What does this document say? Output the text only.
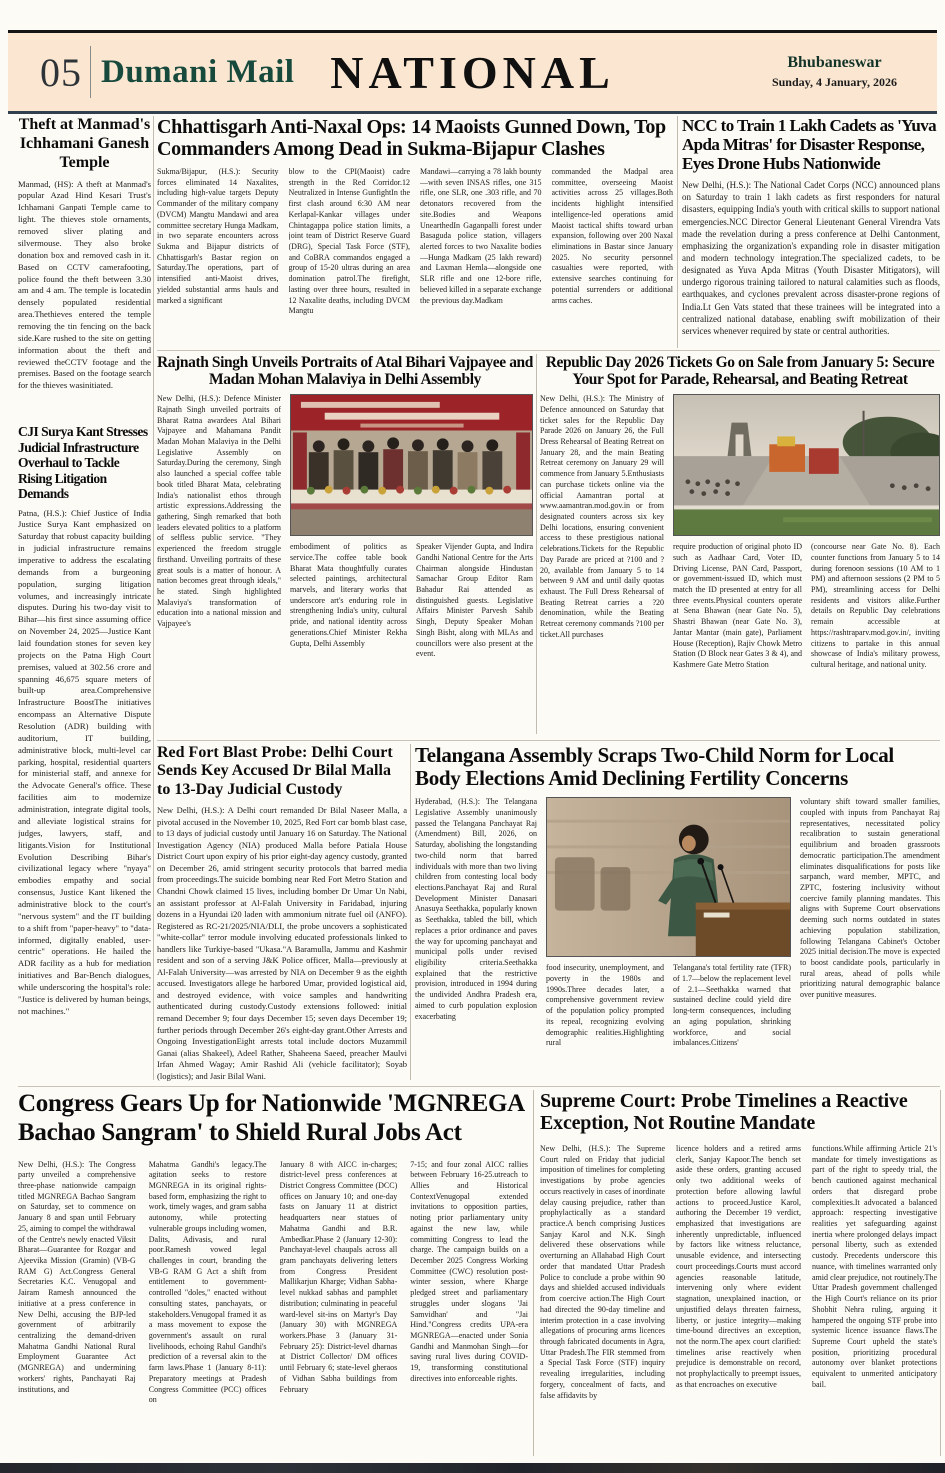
05 Dumani Mail NATIONAL	Bhubaneswar
Sunday, 4 January, 2026
Theft at Manmad's Ichhamani Ganesh Temple
Manmad, (HS): A theft at Manmad's popular Azad Hind Kesari Trust's Ichhamani Ganpati Temple came to light. The thieves stole ornaments, removed sliver plating and silvermouse. They also broke donation box and removed cash in it. Based on CCTV camerafooting, police found the theft between 3.30 am and 4 am. The temple is locatedin densely populated residential area.Thethieves entered the temple removing the tin fencing on the back side.Kare rushed to the site on getting information about the theft and reviewed theCCTV footage and the premises. Based on the footage search for the thieves wasinitiated.
CJI Surya Kant Stresses Judicial Infrastructure Overhaul to Tackle Rising Litigation Demands
Patna, (H.S.): Chief Justice of India Justice Surya Kant emphasized on Saturday that robust capacity building in judicial infrastructure remains imperative to address the escalating demands from a burgeoning population, surging litigation volumes, and increasingly intricate disputes. During his two-day visit to Bihar—his first since assuming office on November 24, 2025—Justice Kant laid foundation stones for seven key projects on the Patna High Court premises, valued at 302.56 crore and spanning 46,675 square meters of built-up area.Comprehensive Infrastructure BoostThe initiatives encompass an Alternative Dispute Resolution (ADR) building with auditorium, IT building, administrative block, multi-level car parking, hospital, residential quarters for ministerial staff, and annexe for the Advocate General's office. These facilities aim to modernize administration, integrate digital tools, and alleviate logistical strains for judges, lawyers, staff, and litigants.Vision for Institutional Evolution Describing Bihar's civilizational legacy where "nyaya" embodies empathy and social consensus, Justice Kant likened the administrative block to the court's "nervous system" and the IT building to a shift from "paper-heavy" to "data-informed, digitally enabled, user-centric" operations. He hailed the ADR facility as a hub for mediation initiatives and Bar-Bench dialogues, while underscoring the hospital's role: "Justice is delivered by human beings, not machines."
Chhattisgarh Anti-Naxal Ops: 14 Maoists Gunned Down, Top Commanders Among Dead in Sukma-Bijapur Clashes
Sukma/Bijapur, (H.S.): Security forces eliminated 14 Naxalites, including high-value targets Deputy Commander of the military company (DVCM) Mangtu Mandawi and area committee secretary Hunga Madkam, in two separate encounters across Sukma and Bijapur districts of Chhattisgarh's Bastar region on Saturday.The operations, part of intensified anti-Maoist drives, yielded substantial arms hauls and marked a significant
blow to the CPI(Maoist) cadre strength in the Red Corridor.12 Neutralized in Intense GunfightIn the first clash around 6:30 AM near Kerlapal-Kankar villages under Chintagappa police station limits, a joint team of District Reserve Guard (DRG), Special Task Force (STF), and CoBRA commandos engaged a group of 15-20 ultras during an area domination patrol.The firefight, lasting over three hours, resulted in 12 Naxalite deaths, including DVCM Mangtu
Mandawi—carrying a 78 lakh bounty—with seven INSAS rifles, one 315 rifle, one SLR, one .303 rifle, and 70 detonators recovered from the site.Bodies and Weapons UnearthedIn Gaganpalli forest under Basaguda police station, villagers alerted forces to two Naxalite bodies—Hunga Madkam (25 lakh reward) and Laxman Hemla—alongside one SLR rifle and one 12-bore rifle, believed killed in a separate exchange the previous day.Madkam
commanded the Madpal area committee, overseeing Maoist activities across 25 villages.Both incidents highlight intensified intelligence-led operations amid Maoist tactical shifts toward urban expansion, following over 200 Naxal eliminations in Bastar since January 2025. No security personnel casualties were reported, with extensive searches continuing for potential surrenders or additional arms caches.
NCC to Train 1 Lakh Cadets as 'Yuva Apda Mitras' for Disaster Response, Eyes Drone Hubs Nationwide
New Delhi, (H.S.): The National Cadet Corps (NCC) announced plans on Saturday to train 1 lakh cadets as first responders for natural disasters, equipping India's youth with critical skills to support national emergencies.NCC Director General Lieutenant General Virendra Vats made the revelation during a press conference at Delhi Cantonment, emphasizing the organization's expanding role in disaster mitigation and modern technology integration.The specialized cadets, to be designated as Yuva Apda Mitras (Youth Disaster Mitigators), will undergo rigorous training tailored to natural calamities such as floods, earthquakes, and cyclones prevalent across disaster-prone regions of India.Lt Gen Vats stated that these trainees will be integrated into a centralized national database, enabling swift mobilization of their services whenever required by state or central authorities.
Rajnath Singh Unveils Portraits of Atal Bihari Vajpayee and Madan Mohan Malaviya in Delhi Assembly
New Delhi, (H.S.): Defence Minister Rajnath Singh unveiled portraits of Bharat Ratna awardees Atal Bihari Vajpayee and Mahamana Pandit Madan Mohan Malaviya in the Delhi Legislative Assembly on Saturday.During the ceremony, Singh also launched a special coffee table book titled Bharat Mata, celebrating India's nationalist ethos through artistic expressions.Addressing the gathering, Singh remarked that both leaders elevated politics to a platform of selfless public service. "They experienced the freedom struggle firsthand. Unveiling portraits of these great souls is a matter of honour. A nation becomes great through ideals," he stated. Singh highlighted Malaviya's transformation of education into a national mission and Vajpayee's
embodiment of politics as service.The coffee table book Bharat Mata thoughtfully curates selected paintings, architectural marvels, and literary works that underscore art's enduring role in strengthening India's unity, cultural pride, and national identity across generations.Chief Minister Rekha Gupta, Delhi Assembly
Speaker Vijender Gupta, and Indira Gandhi National Centre for the Arts Chairman alongside Hindustan Samachar Group Editor Ram Bahadur Rai attended as distinguished guests. Legislative Affairs Minister Parvesh Sahib Singh, Deputy Speaker Mohan Singh Bisht, along with MLAs and councillors were also present at the event.
Republic Day 2026 Tickets Go on Sale from January 5: Secure Your Spot for Parade, Rehearsal, and Beating Retreat
New Delhi, (H.S.): The Ministry of Defence announced on Saturday that ticket sales for the Republic Day Parade 2026 on January 26, the Full Dress Rehearsal of Beating Retreat on January 28, and the main Beating Retreat ceremony on January 29 will commence from January 5.Enthusiasts can purchase tickets online via the official Aamantran portal at www.aamantran.mod.gov.in or from designated counters across six key Delhi locations, ensuring convenient access to these prestigious national celebrations.Tickets for the Republic Day Parade are priced at ?100 and ?20, available from January 5 to 14 between 9 AM and until daily quotas exhaust. The Full Dress Rehearsal of Beating Retreat carries a ?20 denomination, while the Beating Retreat ceremony commands ?100 per ticket.All purchases
require production of original photo ID such as Aadhaar Card, Voter ID, Driving License, PAN Card, Passport, or government-issued ID, which must match the ID presented at entry for all three events.Physical counters operate at Sena Bhawan (near Gate No. 5), Shastri Bhawan (near Gate No. 3), Jantar Mantar (main gate), Parliament House (Reception), Rajiv Chowk Metro Station (D Block near Gates 3 & 4), and Kashmere Gate Metro Station
(concourse near Gate No. 8). Each counter functions from January 5 to 14 during forenoon sessions (10 AM to 1 PM) and afternoon sessions (2 PM to 5 PM), streamlining access for Delhi residents and visitors alike.Further details on Republic Day celebrations remain accessible at https://rashtraparv.mod.gov.in/, inviting citizens to partake in this annual showcase of India's military prowess, cultural heritage, and national unity.
Red Fort Blast Probe: Delhi Court Sends Key Accused Dr Bilal Malla to 13-Day Judicial Custody
New Delhi, (H.S.): A Delhi court remanded Dr Bilal Naseer Malla, a pivotal accused in the November 10, 2025, Red Fort car bomb blast case, to 13 days of judicial custody until January 16 on Saturday. The National Investigation Agency (NIA) produced Malla before Patiala House District Court upon expiry of his prior eight-day agency custody, granted on December 26, amid stringent security protocols that barred media from proceedings.The suicide bombing near Red Fort Metro Station and Chandni Chowk claimed 15 lives, including bomber Dr Umar Un Nabi, an assistant professor at Al-Falah University in Faridabad, injuring dozens in a Hyundai i20 laden with ammonium nitrate fuel oil (ANFO). Registered as RC-21/2025/NIA/DLI, the probe uncovers a sophisticated "white-collar" terror module involving educated professionals linked to handlers like Turkiye-based "Ukasa."A Baramulla, Jammu and Kashmir resident and son of a serving J&K Police officer, Malla—previously at Al-Falah University—was arrested by NIA on December 9 as the eighth accused. Investigators allege he harbored Umar, provided logistical aid, and destroyed evidence, with voice samples and handwriting authenticated during custody.Custody extensions followed: initial remand December 9; four days December 15; seven days December 19; further periods through December 26's eight-day grant.Other Arrests and Ongoing InvestigationEight arrests total include doctors Muzammil Ganai (alias Shakeel), Adeel Rather, Shaheena Saeed, preacher Maulvi Irfan Ahmed Wagay; Amir Rashid Ali (vehicle facilitator); Soyab (logistics); and Jasir Bilal Wani.
Telangana Assembly Scraps Two-Child Norm for Local Body Elections Amid Declining Fertility Concerns
Hyderabad, (H.S.): The Telangana Legislative Assembly unanimously passed the Telangana Panchayat Raj (Amendment) Bill, 2026, on Saturday, abolishing the longstanding two-child norm that barred individuals with more than two living children from contesting local body elections.Panchayat Raj and Rural Development Minister Danasari Anasuya Seethakka, popularly known as Seethakka, tabled the bill, which replaces a prior ordinance and paves the way for upcoming panchayat and municipal polls under revised eligibility criteria.Seethakka explained that the restrictive provision, introduced in 1994 during the undivided Andhra Pradesh era, aimed to curb population explosion exacerbating
food insecurity, unemployment, and poverty in the 1980s and 1990s.Three decades later, a comprehensive government review of the population policy prompted its repeal, recognizing evolving demographic realities.Highlighting rural
Telangana's total fertility rate (TFR) of 1.7—below the replacement level of 2.1—Seethakka warned that sustained decline could yield dire long-term consequences, including an aging population, shrinking workforce, and social imbalances.Citizens'
voluntary shift toward smaller families, coupled with inputs from Panchayat Raj representatives, necessitated policy recalibration to sustain generational equilibrium and broaden grassroots democratic participation.The amendment eliminates disqualifications for posts like sarpanch, ward member, MPTC, and ZPTC, fostering inclusivity without coercive family planning mandates. This aligns with Supreme Court observations deeming such norms outdated in states achieving population stabilization, following Telangana Cabinet's October 2025 initial decision.The move is expected to boost candidate pools, particularly in rural areas, ahead of polls while prioritizing natural demographic balance over punitive measures.
Congress Gears Up for Nationwide 'MGNREGA Bachao Sangram' to Shield Rural Jobs Act
New Delhi, (H.S.): The Congress party unveiled a comprehensive three-phase nationwide campaign titled MGNREGA Bachao Sangram on Saturday, set to commence on January 8 and span until February 25, aiming to compel the withdrawal of the Centre's newly enacted Viksit Bharat—Guarantee for Rozgar and Ajeevika Mission (Gramin) (VB-G RAM G) Act.Congress General Secretaries K.C. Venugopal and Jairam Ramesh announced the initiative at a press conference in New Delhi, accusing the BJP-led government of arbitrarily centralizing the demand-driven Mahatma Gandhi National Rural Employment Guarantee Act (MGNREGA) and undermining workers' rights, Panchayati Raj institutions, and
Mahatma Gandhi's legacy.The agitation seeks to restore MGNREGA in its original rights-based form, emphasizing the right to work, timely wages, and gram sabha autonomy, while protecting vulnerable groups including women, Dalits, Adivasis, and rural poor.Ramesh vowed legal challenges in court, branding the VB-G RAM G Act a shift from entitlement to government-controlled "doles," enacted without consulting states, panchayats, or stakeholders.Venugopal framed it as a mass movement to expose the government's assault on rural livelihoods, echoing Rahul Gandhi's prediction of a reversal akin to the farm laws.Phase 1 (January 8-11): Preparatory meetings at Pradesh Congress Committee (PCC) offices on
January 8 with AICC in-charges; district-level press conferences at District Congress Committee (DCC) offices on January 10; and one-day fasts on January 11 at district headquarters near statues of Mahatma Gandhi and B.R. Ambedkar.Phase 2 (January 12-30): Panchayat-level chaupals across all gram panchayats delivering letters from Congress President Mallikarjun Kharge; Vidhan Sabha-level nukkad sabhas and pamphlet distribution; culminating in peaceful ward-level sit-ins on Martyr's Day (January 30) with MGNREGA workers.Phase 3 (January 31-February 25): District-level dharnas at District Collector/ DM offices until February 6; state-level gheraos of Vidhan Sabha buildings from February
7-15; and four zonal AICC rallies between February 16-25.utreach to Allies and Historical ContextVenugopal extended invitations to opposition parties, noting prior parliamentary unity against the new law, while committing Congress to lead the charge. The campaign builds on a December 2025 Congress Working Committee (CWC) resolution post-winter session, where Kharge pledged street and parliamentary struggles under slogans 'Jai Samvidhan' and "Jai Hind."Congress credits UPA-era MGNREGA—enacted under Sonia Gandhi and Manmohan Singh—for saving rural lives during COVID-19, transforming constitutional directives into enforceable rights.
Supreme Court: Probe Timelines a Reactive Exception, Not Routine Mandate
New Delhi, (H.S.): The Supreme Court ruled on Friday that judicial imposition of timelines for completing investigations by probe agencies occurs reactively in cases of inordinate delay causing prejudice, rather than prophylactically as a standard practice.A bench comprising Justices Sanjay Karol and N.K. Singh delivered these observations while overturning an Allahabad High Court order that mandated Uttar Pradesh Police to conclude a probe within 90 days and shielded accused individuals from coercive action.The High Court had directed the 90-day timeline and interim protection in a case involving allegations of procuring arms licences through fabricated documents in Agra, Uttar Pradesh.The FIR stemmed from a Special Task Force (STF) inquiry revealing irregularities, including forgery, concealment of facts, and false affidavits by
licence holders and a retired arms clerk, Sanjay Kapoor.The bench set aside these orders, granting accused only two additional weeks of protection before allowing lawful actions to proceed.Justice Karol, authoring the December 19 verdict, emphasized that investigations are inherently unpredictable, influenced by factors like witness reluctance, unusable evidence, and intersecting court proceedings.Courts must accord agencies reasonable latitude, intervening only where evident stagnation, unexplained inaction, or unjustified delays threaten fairness, liberty, or justice integrity—making time-bound directives an exception, not the norm.The apex court clarified: timelines arise reactively when prejudice is demonstrable on record, not prophylactically to preempt issues, as that encroaches on executive
functions.While affirming Article 21's mandate for timely investigations as part of the right to speedy trial, the bench cautioned against mechanical orders that disregard probe complexities.It advocated a balanced approach: respecting investigative realities yet safeguarding against inertia where prolonged delays impact personal liberty, such as extended custody. Precedents underscore this nuance, with timelines warranted only amid clear prejudice, not routinely.The Uttar Pradesh government challenged the High Court's reliance on its prior Shobhit Nehra ruling, arguing it hampered the ongoing STF probe into systemic licence issuance flaws.The Supreme Court upheld the state's position, prioritizing procedural autonomy over blanket protections equivalent to unmerited anticipatory bail.
